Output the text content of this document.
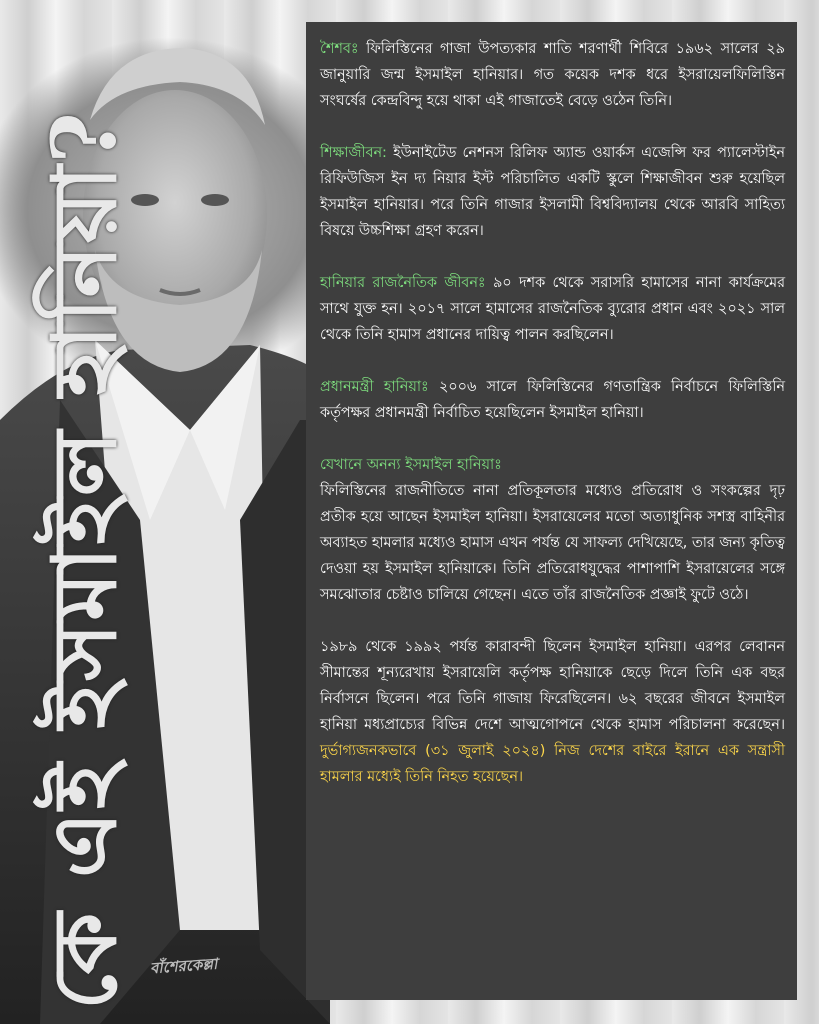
কে এই ইসমাইল হানিয়া? বাঁশেরকেল্লা

শৈশবঃ ফিলিস্তিনের গাজা উপত্যকার শাতি শরণার্থী শিবিরে ১৯৬২ সালের ২৯ জানুয়ারি জন্ম ইসমাইল হানিয়ার। গত কয়েক দশক ধরে ইসরায়েলফিলিস্তিন সংঘর্ষের কেন্দ্রবিন্দু হয়ে থাকা এই গাজাতেই বেড়ে ওঠেন তিনি।

শিক্ষাজীবন: ইউনাইটেড নেশনস রিলিফ অ্যান্ড ওয়ার্কস এজেন্সি ফর প্যালেস্টাইন রিফিউজিস ইন দ্য নিয়ার ইস্ট পরিচালিত একটি স্কুলে শিক্ষাজীবন শুরু হয়েছিল ইসমাইল হানিয়ার। পরে তিনি গাজার ইসলামী বিশ্ববিদ্যালয় থেকে আরবি সাহিত্য বিষয়ে উচ্চশিক্ষা গ্রহণ করেন।

হানিয়ার রাজনৈতিক জীবনঃ ৯০ দশক থেকে সরাসরি হামাসের নানা কার্যক্রমের সাথে যুক্ত হন। ২০১৭ সালে হামাসের রাজনৈতিক ব্যুরোর প্রধান এবং ২০২১ সাল থেকে তিনি হামাস প্রধানের দায়িত্ব পালন করছিলেন।

প্রধানমন্ত্রী হানিয়াঃ ২০০৬ সালে ফিলিস্তিনের গণতান্ত্রিক নির্বাচনে ফিলিস্তিনি কর্তৃপক্ষর প্রধানমন্ত্রী নির্বাচিত হয়েছিলেন ইসমাইল হানিয়া।

যেখানে অনন্য ইসমাইল হানিয়াঃ
ফিলিস্তিনের রাজনীতিতে নানা প্রতিকূলতার মধ্যেও প্রতিরোধ ও সংকল্পের দৃঢ় প্রতীক হয়ে আছেন ইসমাইল হানিয়া। ইসরায়েলের মতো অত্যাধুনিক সশস্ত্র বাহিনীর অব্যাহত হামলার মধ্যেও হামাস এখন পর্যন্ত যে সাফল্য দেখিয়েছে, তার জন্য কৃতিত্ব দেওয়া হয় ইসমাইল হানিয়াকে। তিনি প্রতিরোধযুদ্ধের পাশাপাশি ইসরায়েলের সঙ্গে সমঝোতার চেষ্টাও চালিয়ে গেছেন। এতে তাঁর রাজনৈতিক প্রজ্ঞাই ফুটে ওঠে।

১৯৮৯ থেকে ১৯৯২ পর্যন্ত কারাবন্দী ছিলেন ইসমাইল হানিয়া। এরপর লেবানন সীমান্তের শূন্যরেখায় ইসরায়েলি কর্তৃপক্ষ হানিয়াকে ছেড়ে দিলে তিনি এক বছর নির্বাসনে ছিলেন। পরে তিনি গাজায় ফিরেছিলেন। ৬২ বছরের জীবনে ইসমাইল হানিয়া মধ্যপ্রাচ্যের বিভিন্ন দেশে আত্মগোপনে থেকে হামাস পরিচালনা করেছেন। দুর্ভাগ্যজনকভাবে (৩১ জুলাই ২০২৪) নিজ দেশের বাইরে ইরানে এক সন্ত্রাসী হামলার মধ্যেই তিনি নিহত হয়েছেন।
